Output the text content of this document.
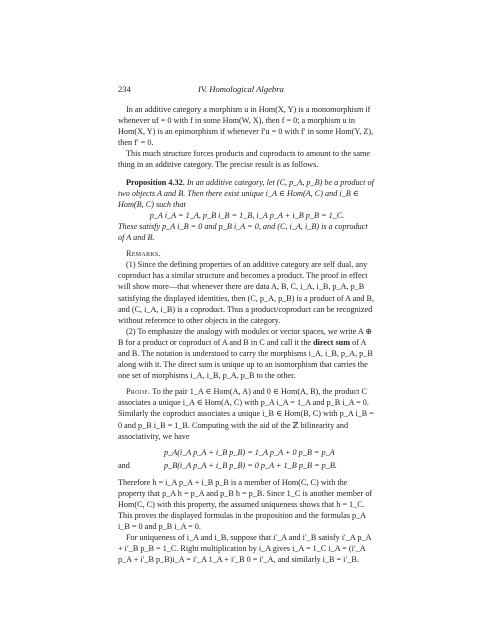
234	IV. Homological Algebra

In an additive category a morphism u in Hom(X, Y) is a monomorphism if whenever uf = 0 with f in some Hom(W, X), then f = 0; a morphism u in Hom(X, Y) is an epimorphism if whenever f′u = 0 with f′ in some Hom(Y, Z), then f′ = 0.

This much structure forces products and coproducts to amount to the same thing in an additive category. The precise result is as follows.

Proposition 4.32. In an additive category, let (C, p_A, p_B) be a product of two objects A and B. Then there exist unique i_A ∈ Hom(A, C) and i_B ∈ Hom(B, C) such that

p_A i_A = 1_A, p_B i_B = 1_B, i_A p_A + i_B p_B = 1_C.

These satisfy p_A i_B = 0 and p_B i_A = 0, and (C, i_A, i_B) is a coproduct of A and B.

Remarks.

(1) Since the defining properties of an additive category are self dual, any coproduct has a similar structure and becomes a product. The proof in effect will show more—that whenever there are data A, B, C, i_A, i_B, p_A, p_B satisfying the displayed identities, then (C, p_A, p_B) is a product of A and B, and (C, i_A, i_B) is a coproduct. Thus a product/coproduct can be recognized without reference to other objects in the category.

(2) To emphasize the analogy with modules or vector spaces, we write A ⊕ B for a product or coproduct of A and B in C and call it the direct sum of A and B. The notation is understood to carry the morphisms i_A, i_B, p_A, p_B along with it. The direct sum is unique up to an isomorphism that carries the one set of morphisms i_A, i_B, p_A, p_B to the other.

Proof. To the pair 1_A ∈ Hom(A, A) and 0 ∈ Hom(A, B), the product C associates a unique i_A ∈ Hom(A, C) with p_A i_A = 1_A and p_B i_A = 0. Similarly the coproduct associates a unique i_B ∈ Hom(B, C) with p_A i_B = 0 and p_B i_B = 1_B. Computing with the aid of the ℤ bilinearity and associativity, we have

p_A(i_A p_A + i_B p_B) = 1_A p_A + 0 p_B = p_A
and	p_B(i_A p_A + i_B p_B) = 0 p_A + 1_B p_B = p_B.

Therefore h = i_A p_A + i_B p_B is a member of Hom(C, C) with the property that p_A h = p_A and p_B h = p_B. Since 1_C is another member of Hom(C, C) with this property, the assumed uniqueness shows that h = 1_C. This proves the displayed formulas in the proposition and the formulas p_A i_B = 0 and p_B i_A = 0.

For uniqueness of i_A and i_B, suppose that i′_A and i′_B satisfy i′_A p_A + i′_B p_B = 1_C. Right multiplication by i_A gives i_A = 1_C i_A = (i′_A p_A + i′_B p_B)i_A = i′_A 1_A + i′_B 0 = i′_A, and similarly i_B = i′_B.
